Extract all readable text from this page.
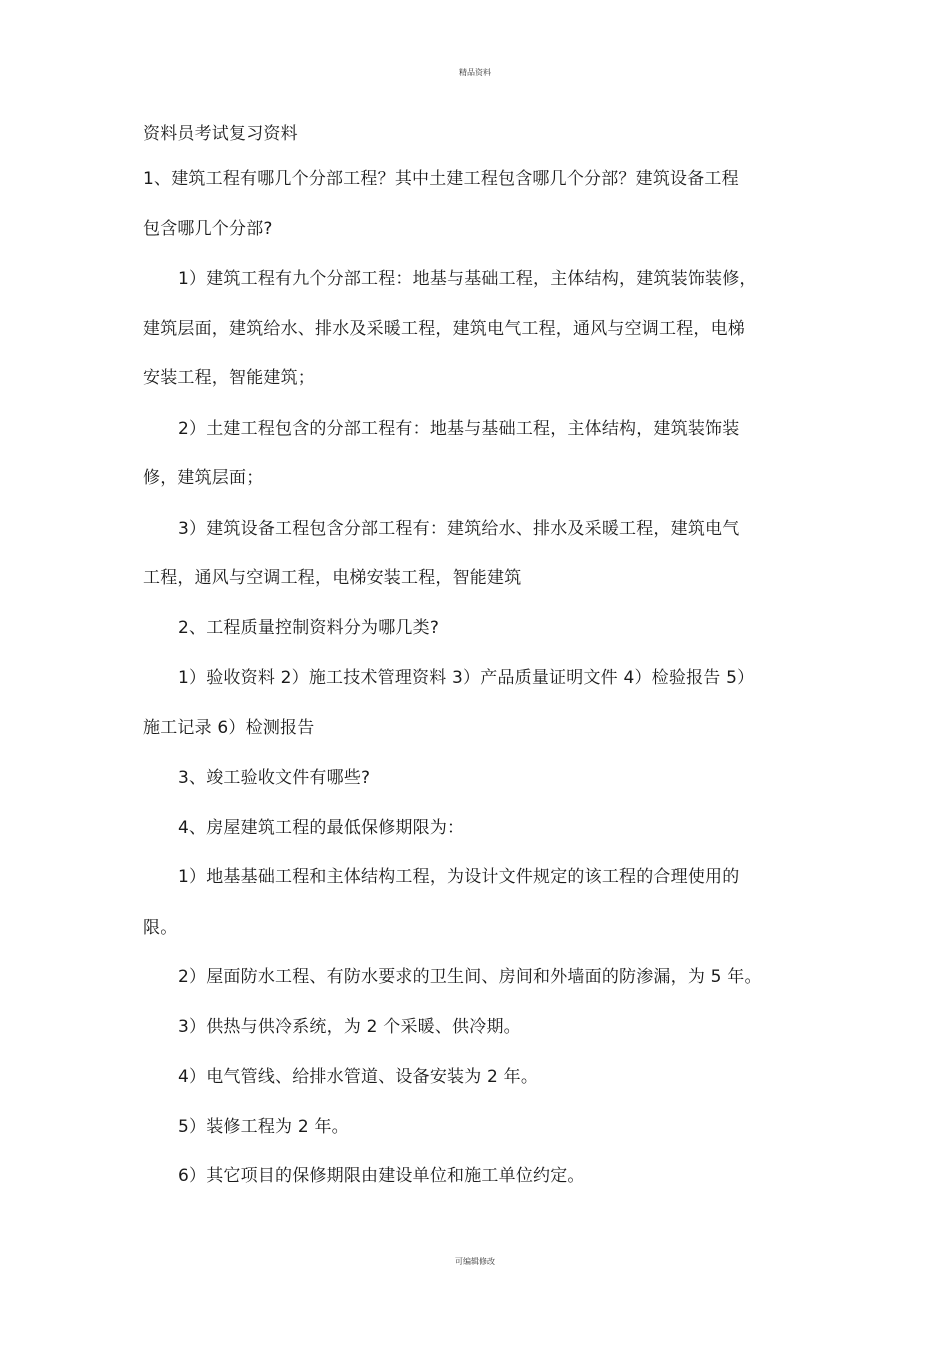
精品资料
资料员考试复习资料
1、建筑工程有哪几个分部工程？其中土建工程包含哪几个分部？建筑设备工程
包含哪几个分部?
1）建筑工程有九个分部工程：地基与基础工程，主体结构，建筑装饰装修，
建筑层面，建筑给水、排水及采暖工程，建筑电气工程，通风与空调工程，电梯
安装工程，智能建筑；
2）土建工程包含的分部工程有：地基与基础工程，主体结构，建筑装饰装
修，建筑层面；
3）建筑设备工程包含分部工程有：建筑给水、排水及采暖工程，建筑电气
工程，通风与空调工程，电梯安装工程，智能建筑
2、工程质量控制资料分为哪几类?
1）验收资料 2）施工技术管理资料 3）产品质量证明文件 4）检验报告 5）
施工记录 6）检测报告
3、竣工验收文件有哪些?
4、房屋建筑工程的最低保修期限为：
1）地基基础工程和主体结构工程，为设计文件规定的该工程的合理使用的
限。
2）屋面防水工程、有防水要求的卫生间、房间和外墙面的防渗漏，为 5 年。
3）供热与供冷系统，为 2 个采暖、供冷期。
4）电气管线、给排水管道、设备安装为 2 年。
5）装修工程为 2 年。
6）其它项目的保修期限由建设单位和施工单位约定。
可编辑修改
